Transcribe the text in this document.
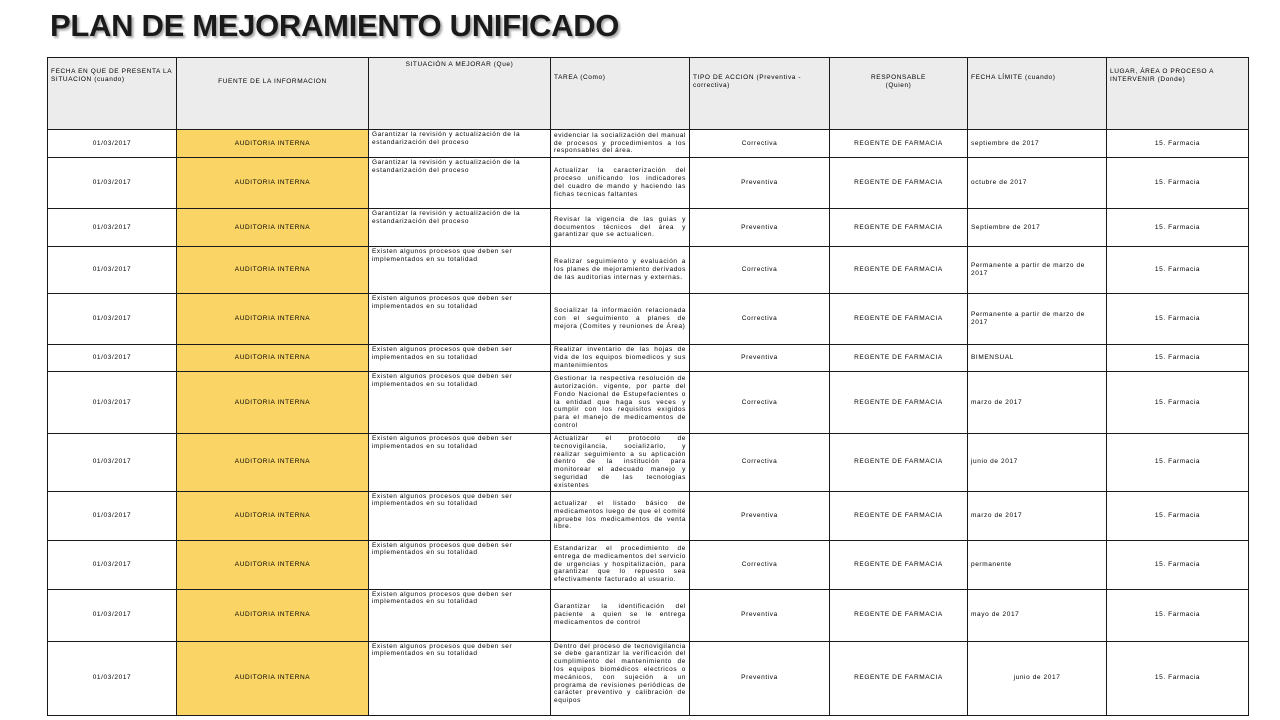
PLAN DE MEJORAMIENTO UNIFICADO
FECHA EN QUE DE PRESENTA LA SITUACION (cuando)	FUENTE DE LA INFORMACION	SITUACIÓN A MEJORAR (Que)	TAREA (Como)	TIPO DE ACCION (Preventiva - correctiva)	RESPONSABLE (Quien)	FECHA LÍMITE (cuando)	LUGAR, ÁREA O PROCESO A INTERVENIR (Donde)
01/03/2017	AUDITORIA INTERNA	Garantizar la revisión y actualización de la estandarización del proceso	evidenciar la socialización del manual de procesos y procedimientos a los responsables del área.	Correctiva	REGENTE DE FARMACIA	septiembre de 2017	15. Farmacia
01/03/2017	AUDITORIA INTERNA	Garantizar la revisión y actualización de la estandarización del proceso	Actualizar la caracterización del proceso unificando los indicadores del cuadro de mando y haciendo las fichas tecnicas faltantes	Preventiva	REGENTE DE FARMACIA	octubre de 2017	15. Farmacia
01/03/2017	AUDITORIA INTERNA	Garantizar la revisión y actualización de la estandarización del proceso	Revisar la vigencia de las guias y documentos técnicos del área y garantizar que se actualicen.	Preventiva	REGENTE DE FARMACIA	Septiembre de 2017	15. Farmacia
01/03/2017	AUDITORIA INTERNA	Existen algunos procesos que deben ser implementados en su totalidad	Realizar seguimiento y evaluación a los planes de mejoramiento derivados de las auditorias internas y externas.	Correctiva	REGENTE DE FARMACIA	Permanente a partir de marzo de 2017	15. Farmacia
01/03/2017	AUDITORIA INTERNA	Existen algunos procesos que deben ser implementados en su totalidad	Socializar la información relacionada con el seguimiento a planes de mejora (Comites y reuniones de Área)	Correctiva	REGENTE DE FARMACIA	Permanente a partir de marzo de 2017	15. Farmacia
01/03/2017	AUDITORIA INTERNA	Existen algunos procesos que deben ser implementados en su totalidad	Realizar inventario de las hojas de vida de los equipos biomedicos y sus mantenimientos	Preventiva	REGENTE DE FARMACIA	BIMENSUAL	15. Farmacia
01/03/2017	AUDITORIA INTERNA	Existen algunos procesos que deben ser implementados en su totalidad	Gestionar la respectiva resolución de autorización. vigente, por parte del Fondo Nacional de Estupefacientes o la entidad que haga sus veces y cumplir con los requisitos exigidos para el manejo de medicamentos de control	Correctiva	REGENTE DE FARMACIA	marzo de 2017	15. Farmacia
01/03/2017	AUDITORIA INTERNA	Existen algunos procesos que deben ser implementados en su totalidad	Actualizar el protocolo de tecnovigilancia, socializarlo, y realizar seguimiento a su aplicación dentro de la institución para monitorear el adecuado manejo y seguridad de las tecnologias existentes	Correctiva	REGENTE DE FARMACIA	junio de 2017	15. Farmacia
01/03/2017	AUDITORIA INTERNA	Existen algunos procesos que deben ser implementados en su totalidad	actualizar el listado básico de medicamentos luego de que el comité apruebe los medicamentos de venta libre.	Preventiva	REGENTE DE FARMACIA	marzo de 2017	15. Farmacia
01/03/2017	AUDITORIA INTERNA	Existen algunos procesos que deben ser implementados en su totalidad	Estandarizar el procedimiento de entrega de medicamentos del servicio de urgencias y hospitalización, para garantizar que lo repuesto sea efectivamente facturado al usuario.	Correctiva	REGENTE DE FARMACIA	permanente	15. Farmacia
01/03/2017	AUDITORIA INTERNA	Existen algunos procesos que deben ser implementados en su totalidad	Garantizar la identificación del paciente a quien se le entrega medicamentos de control	Preventiva	REGENTE DE FARMACIA	mayo de 2017	15. Farmacia
01/03/2017	AUDITORIA INTERNA	Existen algunos procesos que deben ser implementados en su totalidad	Dentro del proceso de tecnovigilancia se debe garantizar la verificación del cumplimiento del mantenimiento de los equipos biomédicos electricos o mecánicos, con sujeción a un programa de revisiones periódicas de carácter preventivo y calibración de equipos	Preventiva	REGENTE DE FARMACIA	junio de 2017	15. Farmacia
